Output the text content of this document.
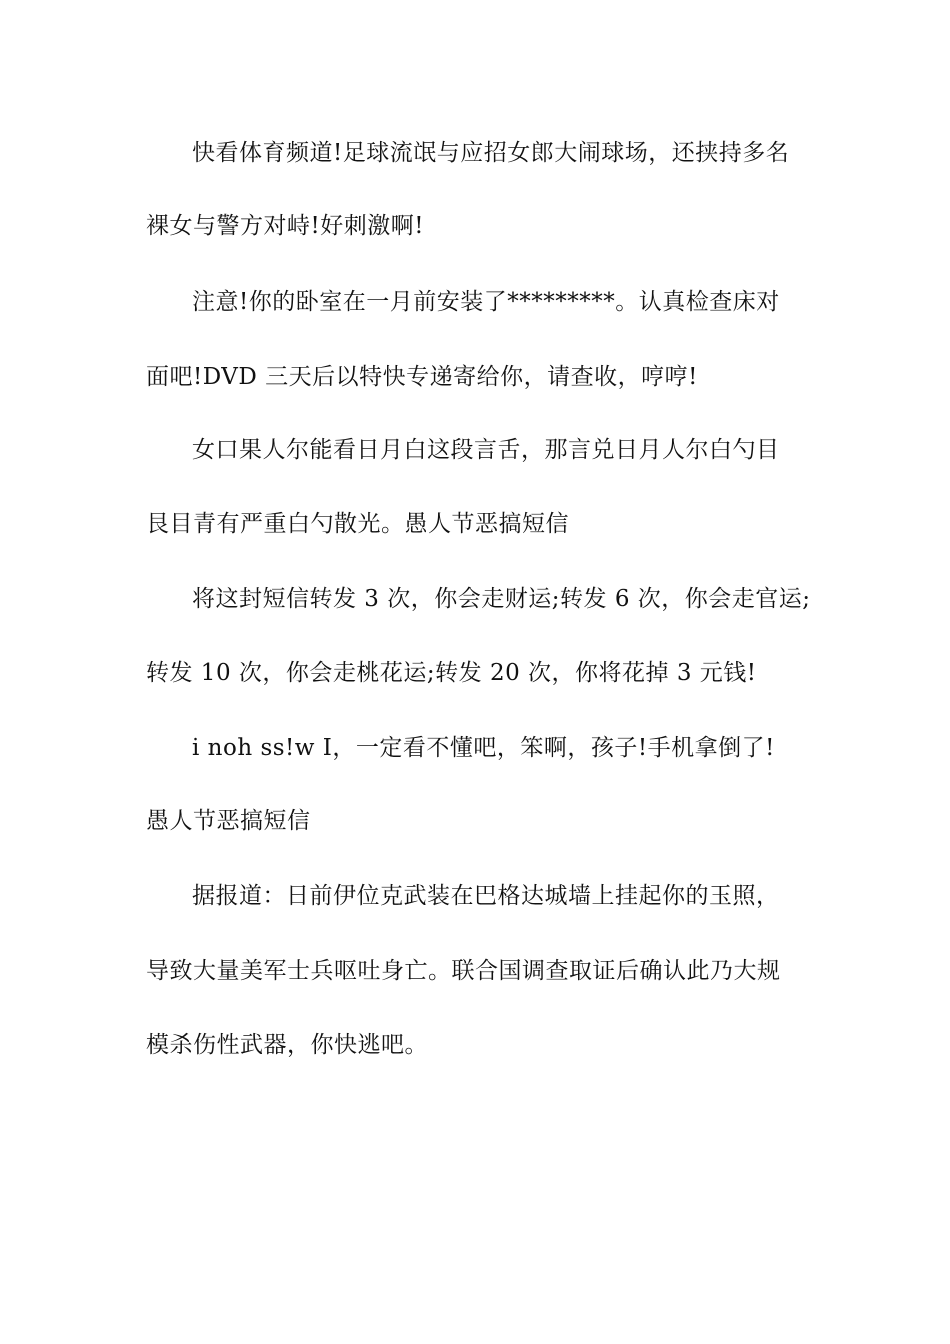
快看体育频道!足球流氓与应招女郎大闹球场，还挟持多名
裸女与警方对峙!好刺激啊!
注意!你的卧室在一月前安装了*********。认真检查床对
面吧!DVD 三天后以特快专递寄给你，请查收，哼哼!
女口果人尔能看日月白这段言舌，那言兑日月人尔白勺目
艮目青有严重白勺散光。愚人节恶搞短信
将这封短信转发 3 次，你会走财运;转发 6 次，你会走官运;
转发 10 次，你会走桃花运;转发 20 次，你将花掉 3 元钱!
i noh ss!w I，一定看不懂吧，笨啊，孩子!手机拿倒了!
愚人节恶搞短信
据报道：日前伊位克武装在巴格达城墙上挂起你的玉照，
导致大量美军士兵呕吐身亡。联合国调查取证后确认此乃大规
模杀伤性武器，你快逃吧。
